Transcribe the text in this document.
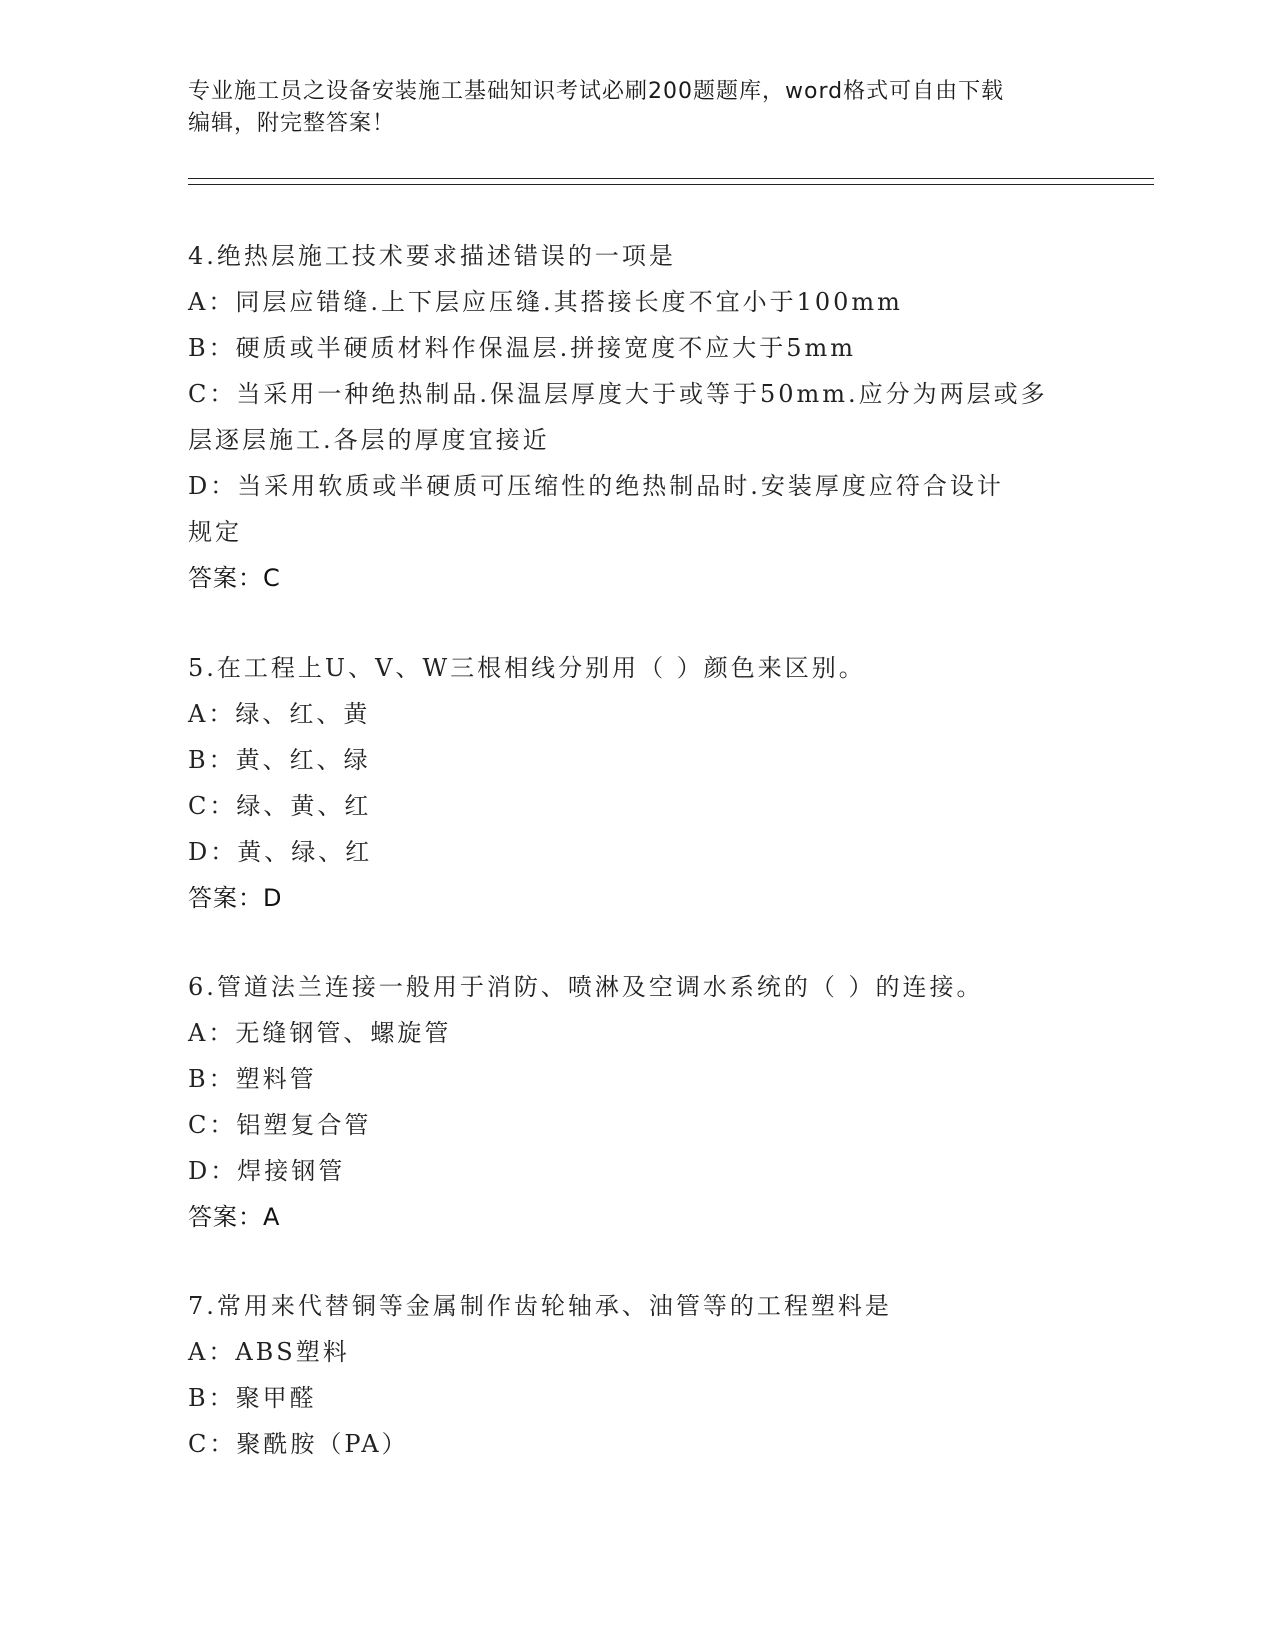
专业施工员之设备安装施工基础知识考试必刷200题题库，word格式可自由下载
编辑，附完整答案！
4.绝热层施工技术要求描述错误的一项是
A：同层应错缝.上下层应压缝.其搭接长度不宜小于100mm
B：硬质或半硬质材料作保温层.拼接宽度不应大于5mm
C：当采用一种绝热制品.保温层厚度大于或等于50mm.应分为两层或多
层逐层施工.各层的厚度宜接近
D：当采用软质或半硬质可压缩性的绝热制品时.安装厚度应符合设计
规定
答案：C
5.在工程上U、V、W三根相线分别用（ ）颜色来区别。
A：绿、红、黄
B：黄、红、绿
C：绿、黄、红
D：黄、绿、红
答案：D
6.管道法兰连接一般用于消防、喷淋及空调水系统的（ ）的连接。
A：无缝钢管、螺旋管
B：塑料管
C：铝塑复合管
D：焊接钢管
答案：A
7.常用来代替铜等金属制作齿轮轴承、油管等的工程塑料是
A：ABS塑料
B：聚甲醛
C：聚酰胺（PA）
